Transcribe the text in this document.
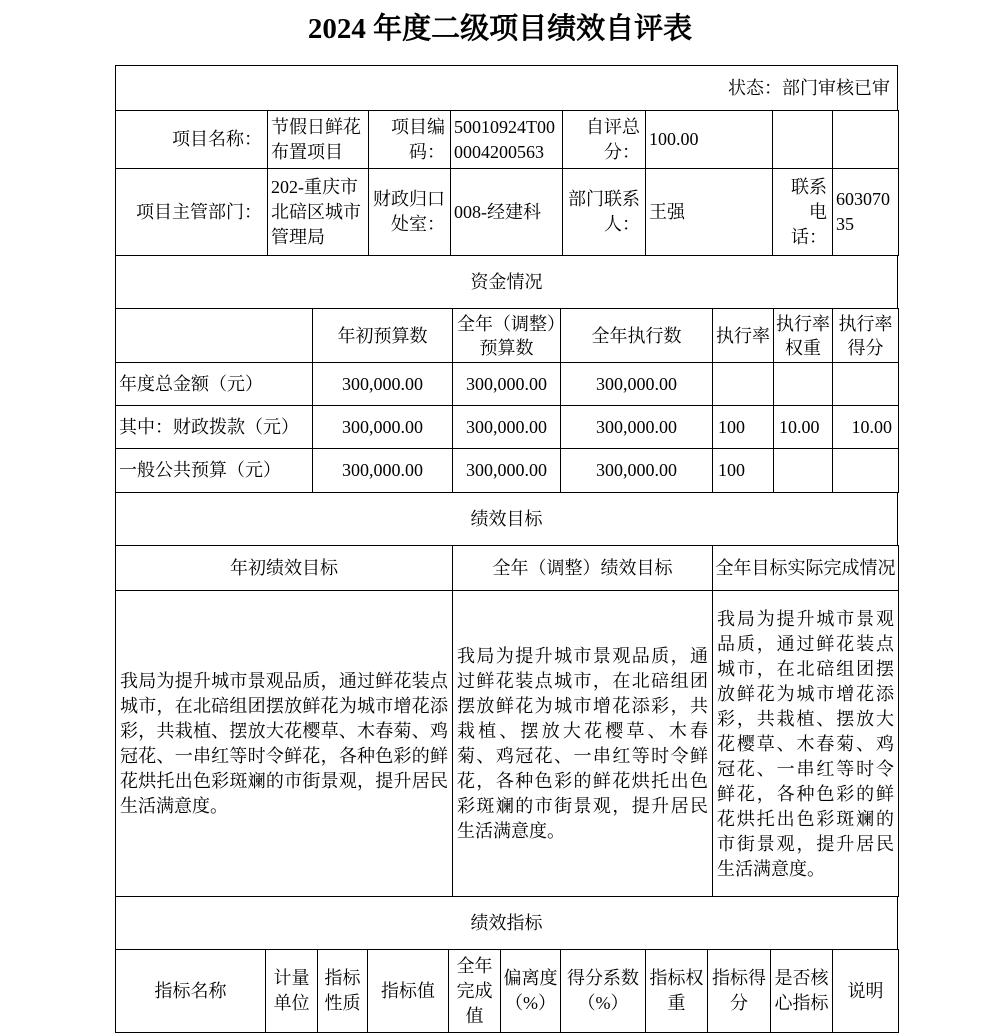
2024 年度二级项目绩效自评表
状态：部门审核已审
项目名称：	节假日鲜花布置项目	项目编码：	50010924T000004200563	自评总分：	100.00		
项目主管部门：	202-重庆市北碚区城市管理局	财政归口处室：	008-经建科	部门联系人：	王强	联系电话：	60307035
资金情况
	年初预算数	全年（调整）预算数	全年执行数	执行率	执行率权重	执行率得分
年度总金额（元）	300,000.00	300,000.00	300,000.00			
其中：财政拨款（元）	300,000.00	300,000.00	300,000.00	100	10.00	10.00
一般公共预算（元）	300,000.00	300,000.00	300,000.00	100		
绩效目标
年初绩效目标	全年（调整）绩效目标	全年目标实际完成情况
我局为提升城市景观品质，通过鲜花装点城市，在北碚组团摆放鲜花为城市增花添彩，共栽植、摆放大花樱草、木春菊、鸡冠花、一串红等时令鲜花，各种色彩的鲜花烘托出色彩斑斓的市街景观，提升居民生活满意度。	我局为提升城市景观品质，通过鲜花装点城市，在北碚组团摆放鲜花为城市增花添彩，共栽植、摆放大花樱草、木春菊、鸡冠花、一串红等时令鲜花，各种色彩的鲜花烘托出色彩斑斓的市街景观，提升居民生活满意度。	我局为提升城市景观品质，通过鲜花装点城市，在北碚组团摆放鲜花为城市增花添彩，共栽植、摆放大花樱草、木春菊、鸡冠花、一串红等时令鲜花，各种色彩的鲜花烘托出色彩斑斓的市街景观，提升居民生活满意度。
绩效指标
指标名称	计量单位	指标性质	指标值	全年完成值	偏离度（%）	得分系数（%）	指标权重	指标得分	是否核心指标	说明
